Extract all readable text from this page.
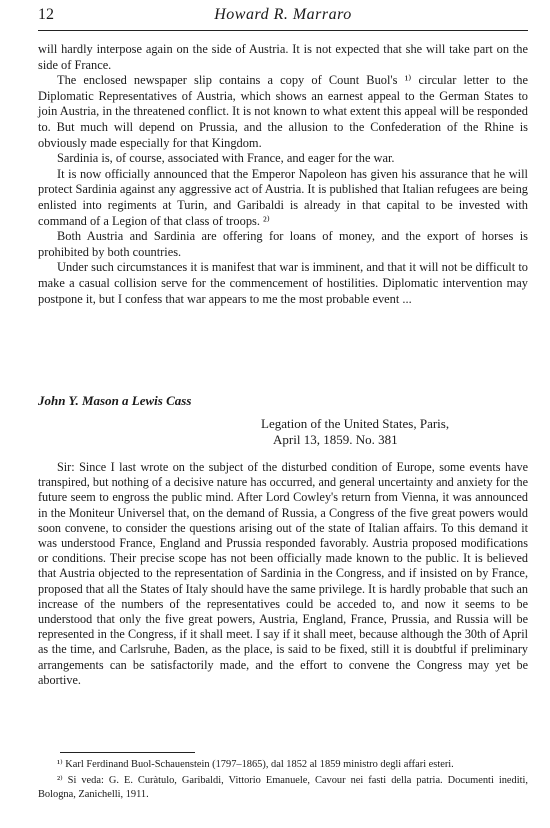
12	Howard R. Marraro

will hardly interpose again on the side of Austria. It is not expected that she will take part on the side of France.

The enclosed newspaper slip contains a copy of Count Buol's ¹⁾ circular letter to the Diplomatic Representatives of Austria, which shows an earnest appeal to the German States to join Austria, in the threatened conflict. It is not known to what extent this appeal will be responded to. But much will depend on Prussia, and the allusion to the Confederation of the Rhine is obviously made especially for that Kingdom.

Sardinia is, of course, associated with France, and eager for the war.

It is now officially announced that the Emperor Napoleon has given his assurance that he will protect Sardinia against any aggressive act of Austria. It is published that Italian refugees are being enlisted into regiments at Turin, and Garibaldi is already in that capital to be invested with command of a Legion of that class of troops. ²⁾

Both Austria and Sardinia are offering for loans of money, and the export of horses is prohibited by both countries.

Under such circumstances it is manifest that war is imminent, and that it will not be difficult to make a casual collision serve for the commencement of hostilities. Diplomatic intervention may postpone it, but I confess that war appears to me the most probable event ...

John Y. Mason a Lewis Cass
Legation of the United States, Paris,
April 13, 1859. No. 381

Sir: Since I last wrote on the subject of the disturbed condition of Europe, some events have transpired, but nothing of a decisive nature has occurred, and general uncertainty and anxiety for the future seem to engross the public mind. After Lord Cowley's return from Vienna, it was announced in the Moniteur Universel that, on the demand of Russia, a Congress of the five great powers would soon convene, to consider the questions arising out of the state of Italian affairs. To this demand it was understood France, England and Prussia responded favorably. Austria proposed modifications or conditions. Their precise scope has not been officially made known to the public. It is believed that Austria objected to the representation of Sardinia in the Congress, and if insisted on by France, proposed that all the States of Italy should have the same privilege. It is hardly probable that such an increase of the numbers of the representatives could be acceded to, and now it seems to be understood that only the five great powers, Austria, England, France, Prussia, and Russia will be represented in the Congress, if it shall meet. I say if it shall meet, because although the 30th of April as the time, and Carlsruhe, Baden, as the place, is said to be fixed, still it is doubtful if preliminary arrangements can be satisfactorily made, and the effort to convene the Congress may yet be abortive.

¹⁾ Karl Ferdinand Buol-Schauenstein (1797–1865), dal 1852 al 1859 ministro degli affari esteri.

²⁾ Si veda: G. E. Curàtulo, Garibaldi, Vittorio Emanuele, Cavour nei fasti della patria. Documenti inediti, Bologna, Zanichelli, 1911.
